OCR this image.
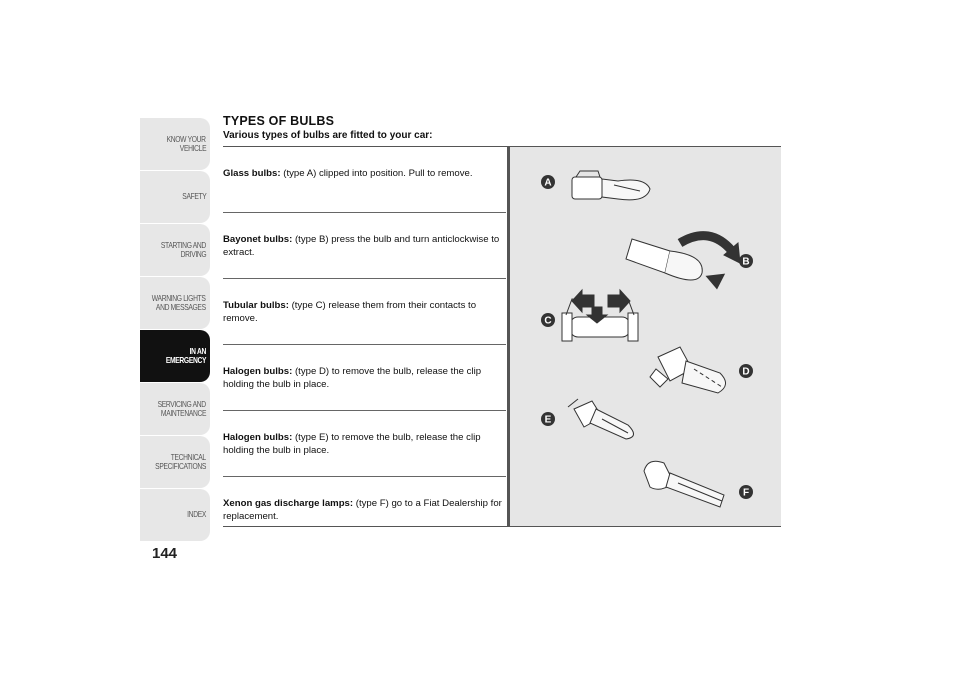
KNOW YOUR
VEHICLE
SAFETY
STARTING AND
DRIVING
WARNING LIGHTS
AND MESSAGES
IN AN
EMERGENCY
SERVICING AND
MAINTENANCE
TECHNICAL
SPECIFICATIONS
INDEX
144
TYPES OF BULBS
Various types of bulbs are fitted to your car:
Glass bulbs: (type A) clipped into position. Pull to remove.
Bayonet bulbs: (type B) press the bulb and turn anticlockwise to extract.
Tubular bulbs: (type C) release them from their contacts to remove.
Halogen bulbs: (type D) to remove the bulb, release the clip holding the bulb in place.
Halogen bulbs: (type E) to remove the bulb, release the clip holding the bulb in place.
Xenon gas discharge lamps: (type F) go to a Fiat Dealership for replacement.
A
B
C
D
E
F
